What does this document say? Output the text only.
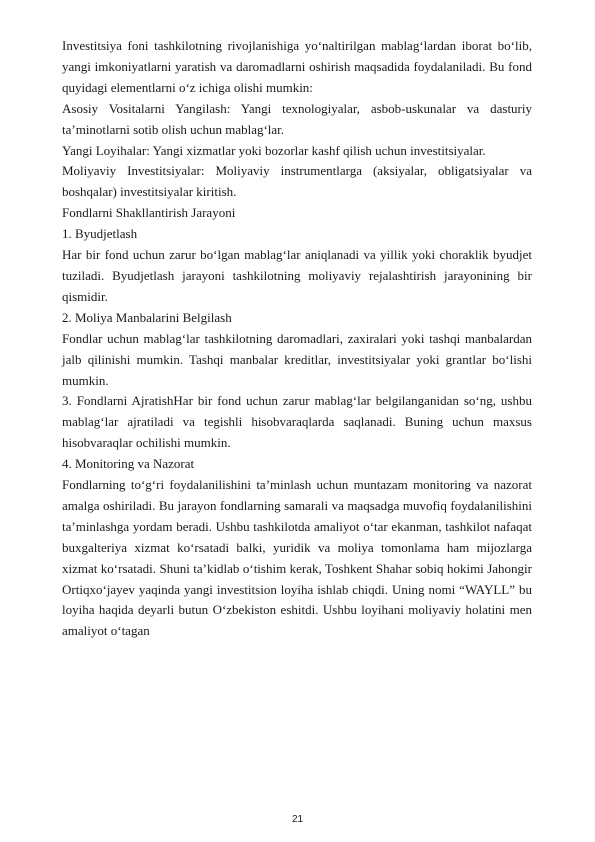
Investitsiya foni tashkilotning rivojlanishiga yo‘naltirilgan mablag‘lardan iborat bo‘lib, yangi imkoniyatlarni yaratish va daromadlarni oshirish maqsadida foydalaniladi. Bu fond quyidagi elementlarni o‘z ichiga olishi mumkin:

Asosiy Vositalarni Yangilash: Yangi texnologiyalar, asbob-uskunalar va dasturiy ta’minotlarni sotib olish uchun mablag‘lar.

Yangi Loyihalar: Yangi xizmatlar yoki bozorlar kashf qilish uchun investitsiyalar.

Moliyaviy Investitsiyalar: Moliyaviy instrumentlarga (aksiyalar, obligatsiyalar va boshqalar) investitsiyalar kiritish.

Fondlarni Shakllantirish Jarayoni

1. Byudjetlash

Har bir fond uchun zarur bo‘lgan mablag‘lar aniqlanadi va yillik yoki choraklik byudjet tuziladi. Byudjetlash jarayoni tashkilotning moliyaviy rejalashtirish jarayonining bir qismidir.

2. Moliya Manbalarini Belgilash

Fondlar uchun mablag‘lar tashkilotning daromadlari, zaxiralari yoki tashqi manbalardan jalb qilinishi mumkin. Tashqi manbalar kreditlar, investitsiyalar yoki grantlar bo‘lishi mumkin.

3. Fondlarni AjratishHar bir fond uchun zarur mablag‘lar belgilanganidan so‘ng, ushbu mablag‘lar ajratiladi va tegishli hisobvaraqlarda saqlanadi. Buning uchun maxsus hisobvaraqlar ochilishi mumkin.

4. Monitoring va Nazorat

Fondlarning to‘g‘ri foydalanilishini ta’minlash uchun muntazam monitoring va nazorat amalga oshiriladi. Bu jarayon fondlarning samarali va maqsadga muvofiq foydalanilishini ta’minlashga yordam beradi. Ushbu tashkilotda amaliyot o‘tar ekanman, tashkilot nafaqat buxgalteriya xizmat ko‘rsatadi balki, yuridik va moliya tomonlama ham mijozlarga xizmat ko‘rsatadi. Shuni ta’kidlab o‘tishim kerak, Toshkent Shahar sobiq hokimi Jahongir Ortiqxo‘jayev yaqinda yangi investitsion loyiha ishlab chiqdi. Uning nomi “WAYLL” bu loyiha haqida deyarli butun O‘zbekiston eshitdi. Ushbu loyihani moliyaviy holatini men amaliyot o‘tagan

21
